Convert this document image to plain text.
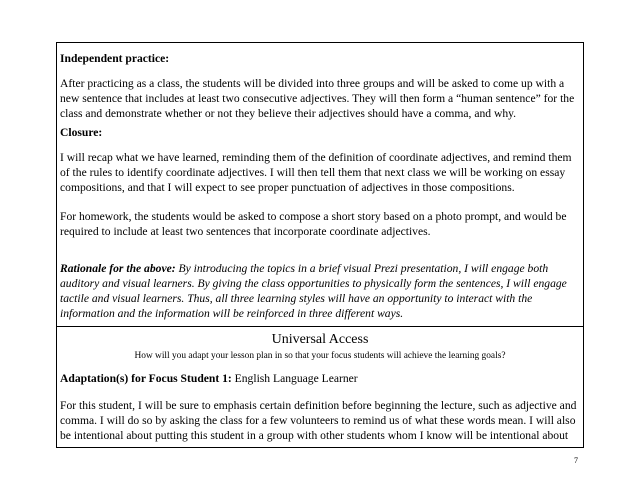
Independent practice:
After practicing as a class, the students will be divided into three groups and will be asked to come up with a new sentence that includes at least two consecutive adjectives. They will then form a “human sentence” for the class and demonstrate whether or not they believe their adjectives should have a comma, and why.
Closure:
I will recap what we have learned, reminding them of the definition of coordinate adjectives, and remind them of the rules to identify coordinate adjectives. I will then tell them that next class we will be working on essay compositions, and that I will expect to see proper punctuation of adjectives in those compositions.
For homework, the students would be asked to compose a short story based on a photo prompt, and would be required to include at least two sentences that incorporate coordinate adjectives.
Rationale for the above: By introducing the topics in a brief visual Prezi presentation, I will engage both auditory and visual learners. By giving the class opportunities to physically form the sentences, I will engage tactile and visual learners. Thus, all three learning styles will have an opportunity to interact with the information and the information will be reinforced in three different ways.

Universal Access
How will you adapt your lesson plan in so that your focus students will achieve the learning goals?
Adaptation(s) for Focus Student 1: English Language Learner
For this student, I will be sure to emphasis certain definition before beginning the lecture, such as adjective and comma. I will do so by asking the class for a few volunteers to remind us of what these words mean. I will also be intentional about putting this student in a group with other students whom I know will be intentional about
7
